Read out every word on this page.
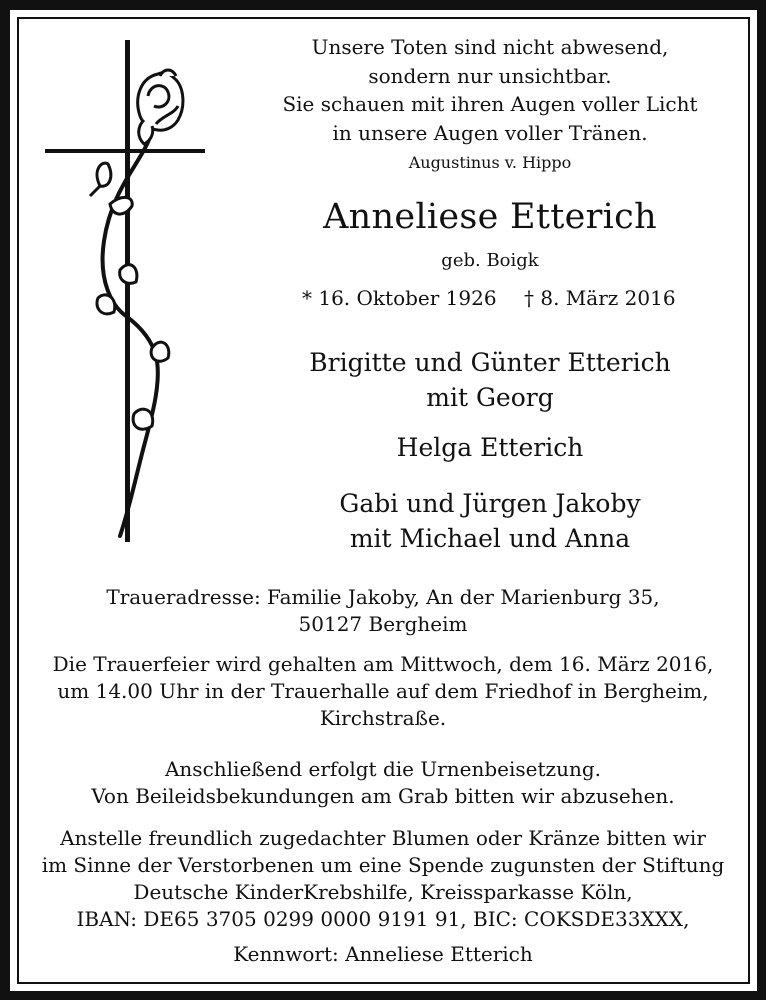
Unsere Toten sind nicht abwesend,
sondern nur unsichtbar.
Sie schauen mit ihren Augen voller Licht
in unsere Augen voller Tränen.
Augustinus v. Hippo
Anneliese Etterich
geb. Boigk
* 16. Oktober 1926 † 8. März 2016
Brigitte und Günter Etterich
mit Georg
Helga Etterich
Gabi und Jürgen Jakoby
mit Michael und Anna
Traueradresse: Familie Jakoby, An der Marienburg 35,
50127 Bergheim
Die Trauerfeier wird gehalten am Mittwoch, dem 16. März 2016,
um 14.00 Uhr in der Trauerhalle auf dem Friedhof in Bergheim,
Kirchstraße.
Anschließend erfolgt die Urnenbeisetzung.
Von Beileidsbekundungen am Grab bitten wir abzusehen.
Anstelle freundlich zugedachter Blumen oder Kränze bitten wir
im Sinne der Verstorbenen um eine Spende zugunsten der Stiftung
Deutsche KinderKrebshilfe, Kreissparkasse Köln,
IBAN: DE65 3705 0299 0000 9191 91, BIC: COKSDE33XXX,
Kennwort: Anneliese Etterich
